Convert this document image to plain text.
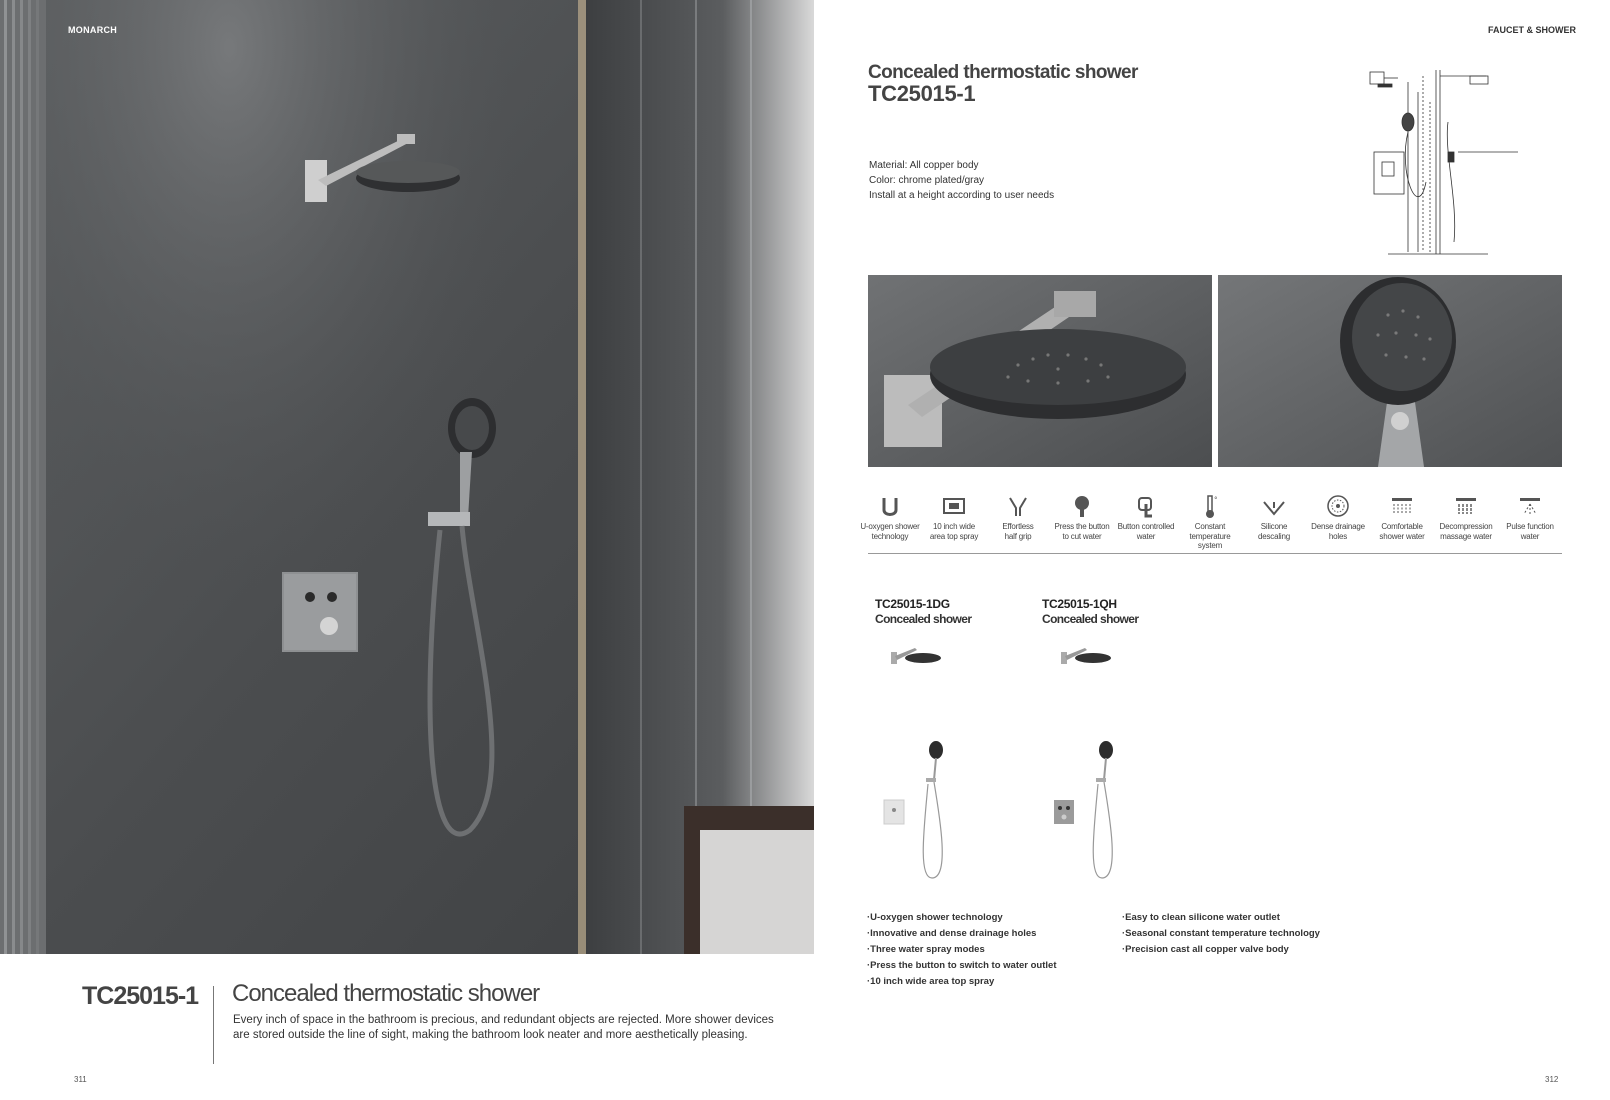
MONARCH
TC25015-1 Concealed thermostatic shower
Every inch of space in the bathroom is precious, and redundant objects are rejected. More shower devices are stored outside the line of sight, making the bathroom look neater and more aesthetically pleasing.
311
FAUCET & SHOWER
Concealed thermostatic shower
TC25015-1
Material: All copper body
Color: chrome plated/gray
Install at a height according to user needs
U-oxygen shower
technology
10 inch wide
area top spray
Effortless
half grip
Press the button
to cut water
Button controlled
water
°
Constant
temperature system
Silicone
descaling
Dense drainage
holes
Comfortable
shower water
Decompression
massage water
Pulse function
water
TC25015-1DG
Concealed shower
TC25015-1QH
Concealed shower
·U-oxygen shower technology
·Innovative and dense drainage holes
·Three water spray modes
·Press the button to switch to water outlet
·10 inch wide area top spray
·Easy to clean silicone water outlet
·Seasonal constant temperature technology
·Precision cast all copper valve body
312
